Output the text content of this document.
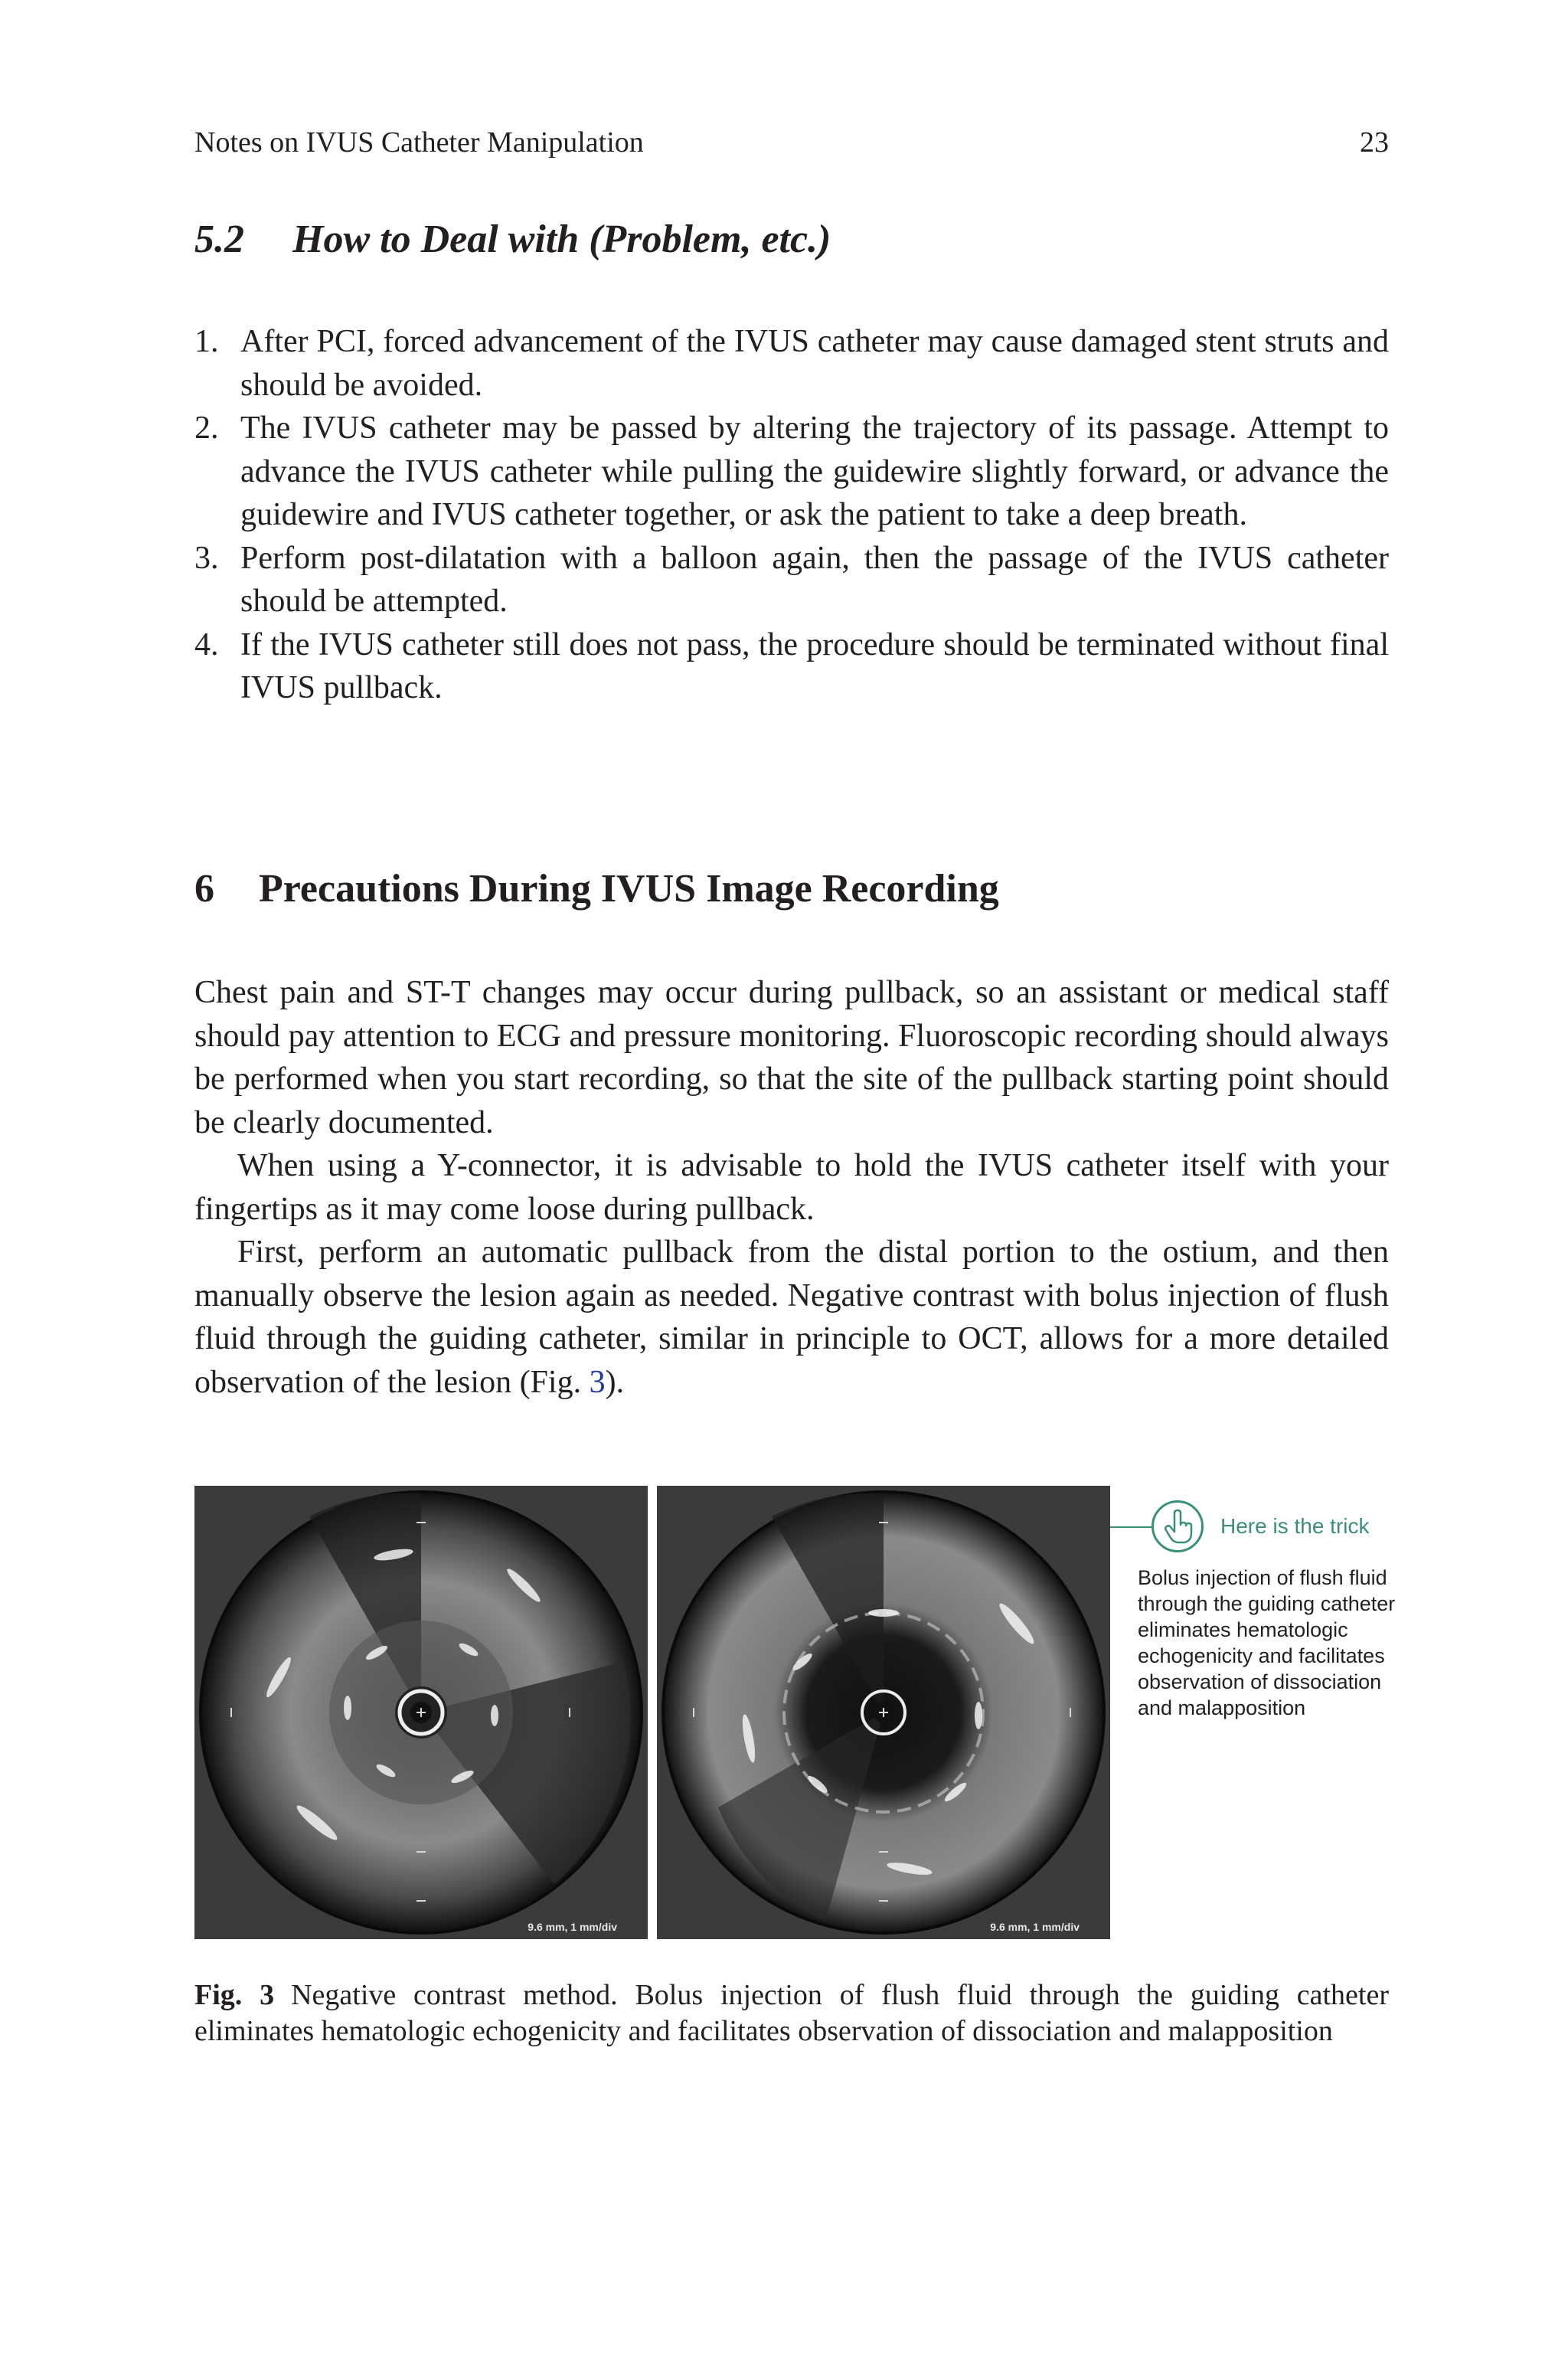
Notes on IVUS Catheter Manipulation	23
5.2 How to Deal with (Problem, etc.)
1. After PCI, forced advancement of the IVUS catheter may cause damaged stent struts and should be avoided.
2. The IVUS catheter may be passed by altering the trajectory of its passage. Attempt to advance the IVUS catheter while pulling the guidewire slightly forward, or advance the guidewire and IVUS catheter together, or ask the patient to take a deep breath.
3. Perform post-dilatation with a balloon again, then the passage of the IVUS catheter should be attempted.
4. If the IVUS catheter still does not pass, the procedure should be terminated without final IVUS pullback.
6 Precautions During IVUS Image Recording

Chest pain and ST-T changes may occur during pullback, so an assistant or medical staff should pay attention to ECG and pressure monitoring. Fluoroscopic recording should always be performed when you start recording, so that the site of the pullback starting point should be clearly documented.

When using a Y-connector, it is advisable to hold the IVUS catheter itself with your fingertips as it may come loose during pullback.

First, perform an automatic pullback from the distal portion to the ostium, and then manually observe the lesion again as needed. Negative contrast with bolus injection of flush fluid through the guiding catheter, similar in principle to OCT, allows for a more detailed observation of the lesion (Fig. 3).

9.6 mm, 1 mm/div	9.6 mm, 1 mm/div
Here is the trick
Bolus injection of flush fluid through the guiding catheter eliminates hematologic echogenicity and facilitates observation of dissociation and malapposition
Fig. 3 Negative contrast method. Bolus injection of flush fluid through the guiding catheter eliminates hematologic echogenicity and facilitates observation of dissociation and malapposition
